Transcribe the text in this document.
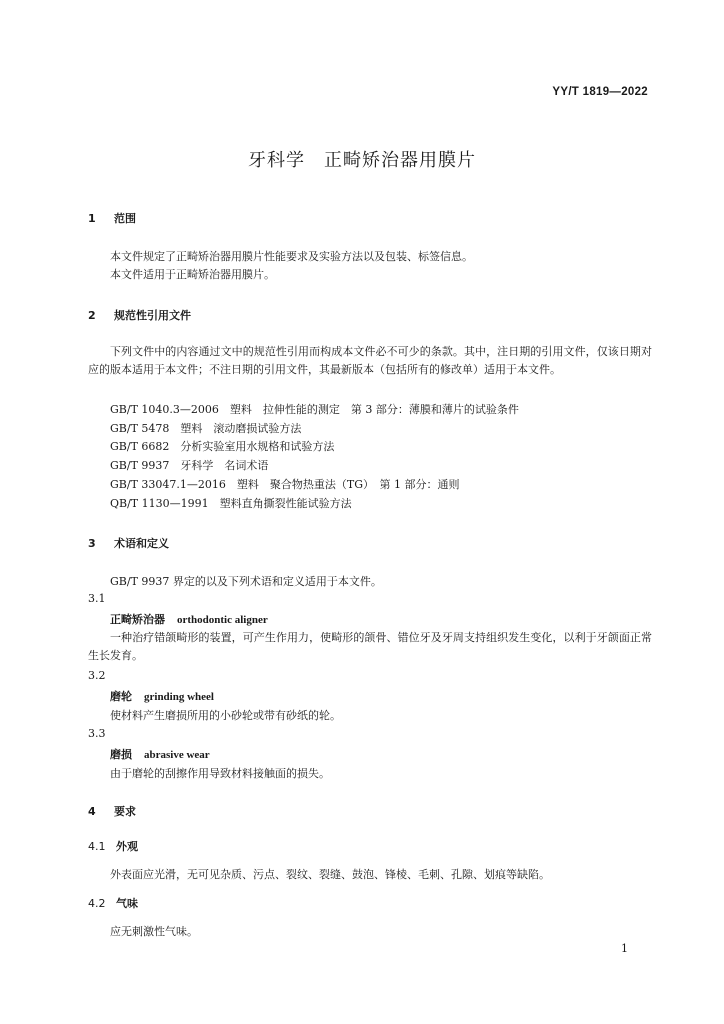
YY/T 1819—2022
牙科学　正畸矫治器用膜片
1 范围
本文件规定了正畸矫治器用膜片性能要求及实验方法以及包装、标签信息。
本文件适用于正畸矫治器用膜片。
2 规范性引用文件
下列文件中的内容通过文中的规范性引用而构成本文件必不可少的条款。其中，注日期的引用文件，仅该日期对应的版本适用于本文件；不注日期的引用文件，其最新版本（包括所有的修改单）适用于本文件。
GB/T 1040.3—2006　塑料　拉伸性能的测定　第 3 部分：薄膜和薄片的试验条件
GB/T 5478　塑料　滚动磨损试验方法
GB/T 6682　分析实验室用水规格和试验方法
GB/T 9937　牙科学　名词术语
GB/T 33047.1—2016　塑料　聚合物热重法（TG）　第 1 部分：通则
QB/T 1130—1991　塑料直角撕裂性能试验方法
3 术语和定义
GB/T 9937 界定的以及下列术语和定义适用于本文件。
3.1
正畸矫治器 orthodontic aligner
一种治疗错颌畸形的装置，可产生作用力，使畸形的颌骨、错位牙及牙周支持组织发生变化，以利于牙颌面正常生长发育。
3.2
磨轮 grinding wheel
使材料产生磨损所用的小砂轮或带有砂纸的轮。
3.3
磨损 abrasive wear
由于磨轮的刮擦作用导致材料接触面的损失。
4 要求
4.1 外观
外表面应光滑，无可见杂质、污点、裂纹、裂缝、鼓泡、锋棱、毛刺、孔隙、划痕等缺陷。
4.2 气味
应无刺激性气味。
1
